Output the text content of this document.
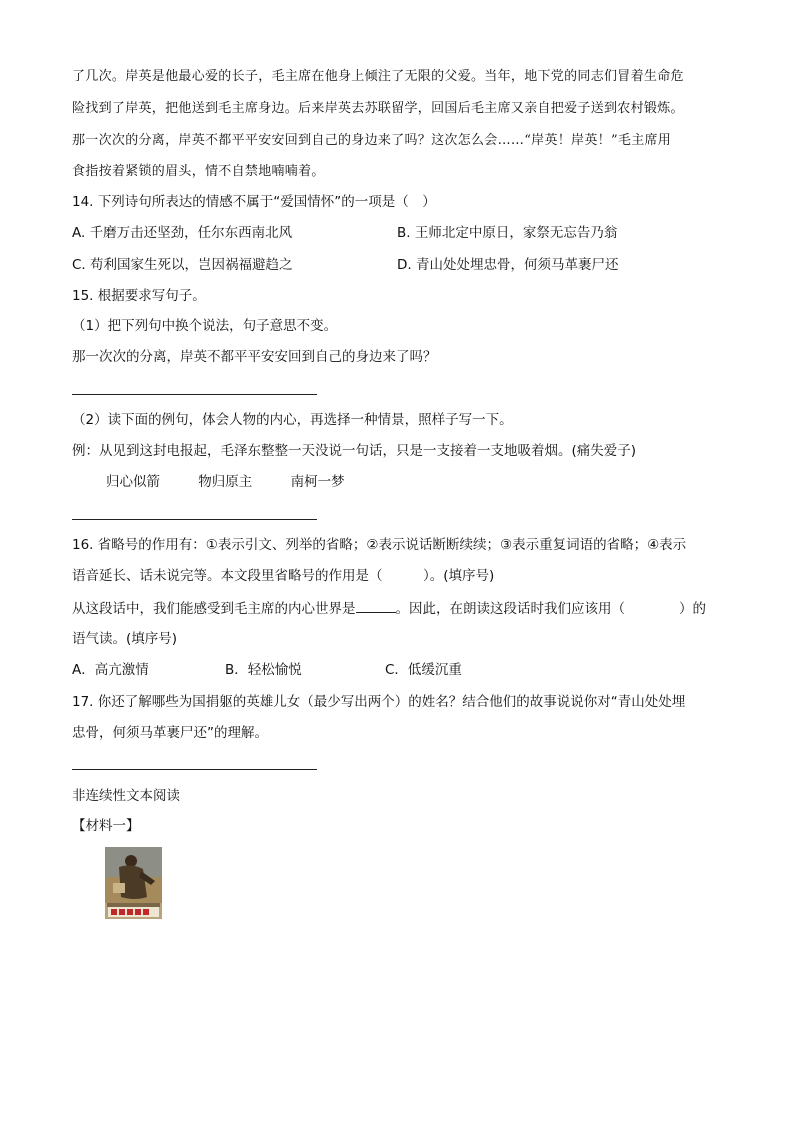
了几次。岸英是他最心爱的长子，毛主席在他身上倾注了无限的父爱。当年，地下党的同志们冒着生命危
险找到了岸英，把他送到毛主席身边。后来岸英去苏联留学，回国后毛主席又亲自把爱子送到农村锻炼。
那一次次的分离，岸英不都平平安安回到自己的身边来了吗？这次怎么会……“岸英！岸英！”毛主席用
食指按着紧锁的眉头，情不自禁地喃喃着。
14. 下列诗句所表达的情感不属于“爱国情怀”的一项是（　）
A. 千磨万击还坚劲，任尔东西南北风	B. 王师北定中原日，家祭无忘告乃翁
C. 苟利国家生死以，岂因祸福避趋之	D. 青山处处埋忠骨，何须马革裹尸还
15. 根据要求写句子。
（1）把下列句中换个说法，句子意思不变。
那一次次的分离，岸英不都平平安安回到自己的身边来了吗？
（2）读下面的例句，体会人物的内心，再选择一种情景，照样子写一下。
例：从见到这封电报起，毛泽东整整一天没说一句话，只是一支接着一支地吸着烟。(痛失爱子)
归心似箭	物归原主	南柯一梦
16. 省略号的作用有：①表示引文、列举的省略；②表示说话断断续续；③表示重复词语的省略；④表示
语音延长、话未说完等。本文段里省略号的作用是（　　　）。(填序号)
从这段话中，我们能感受到毛主席的内心世界是	。因此，在朗读这段话时我们应该用（　　　　）的
语气读。(填序号)
A．高亢激情	B．轻松愉悦	C．低缓沉重
17. 你还了解哪些为国捐躯的英雄儿女（最少写出两个）的姓名？结合他们的故事说说你对“青山处处埋
忠骨，何须马革裹尸还”的理解。
非连续性文本阅读
【材料一】
